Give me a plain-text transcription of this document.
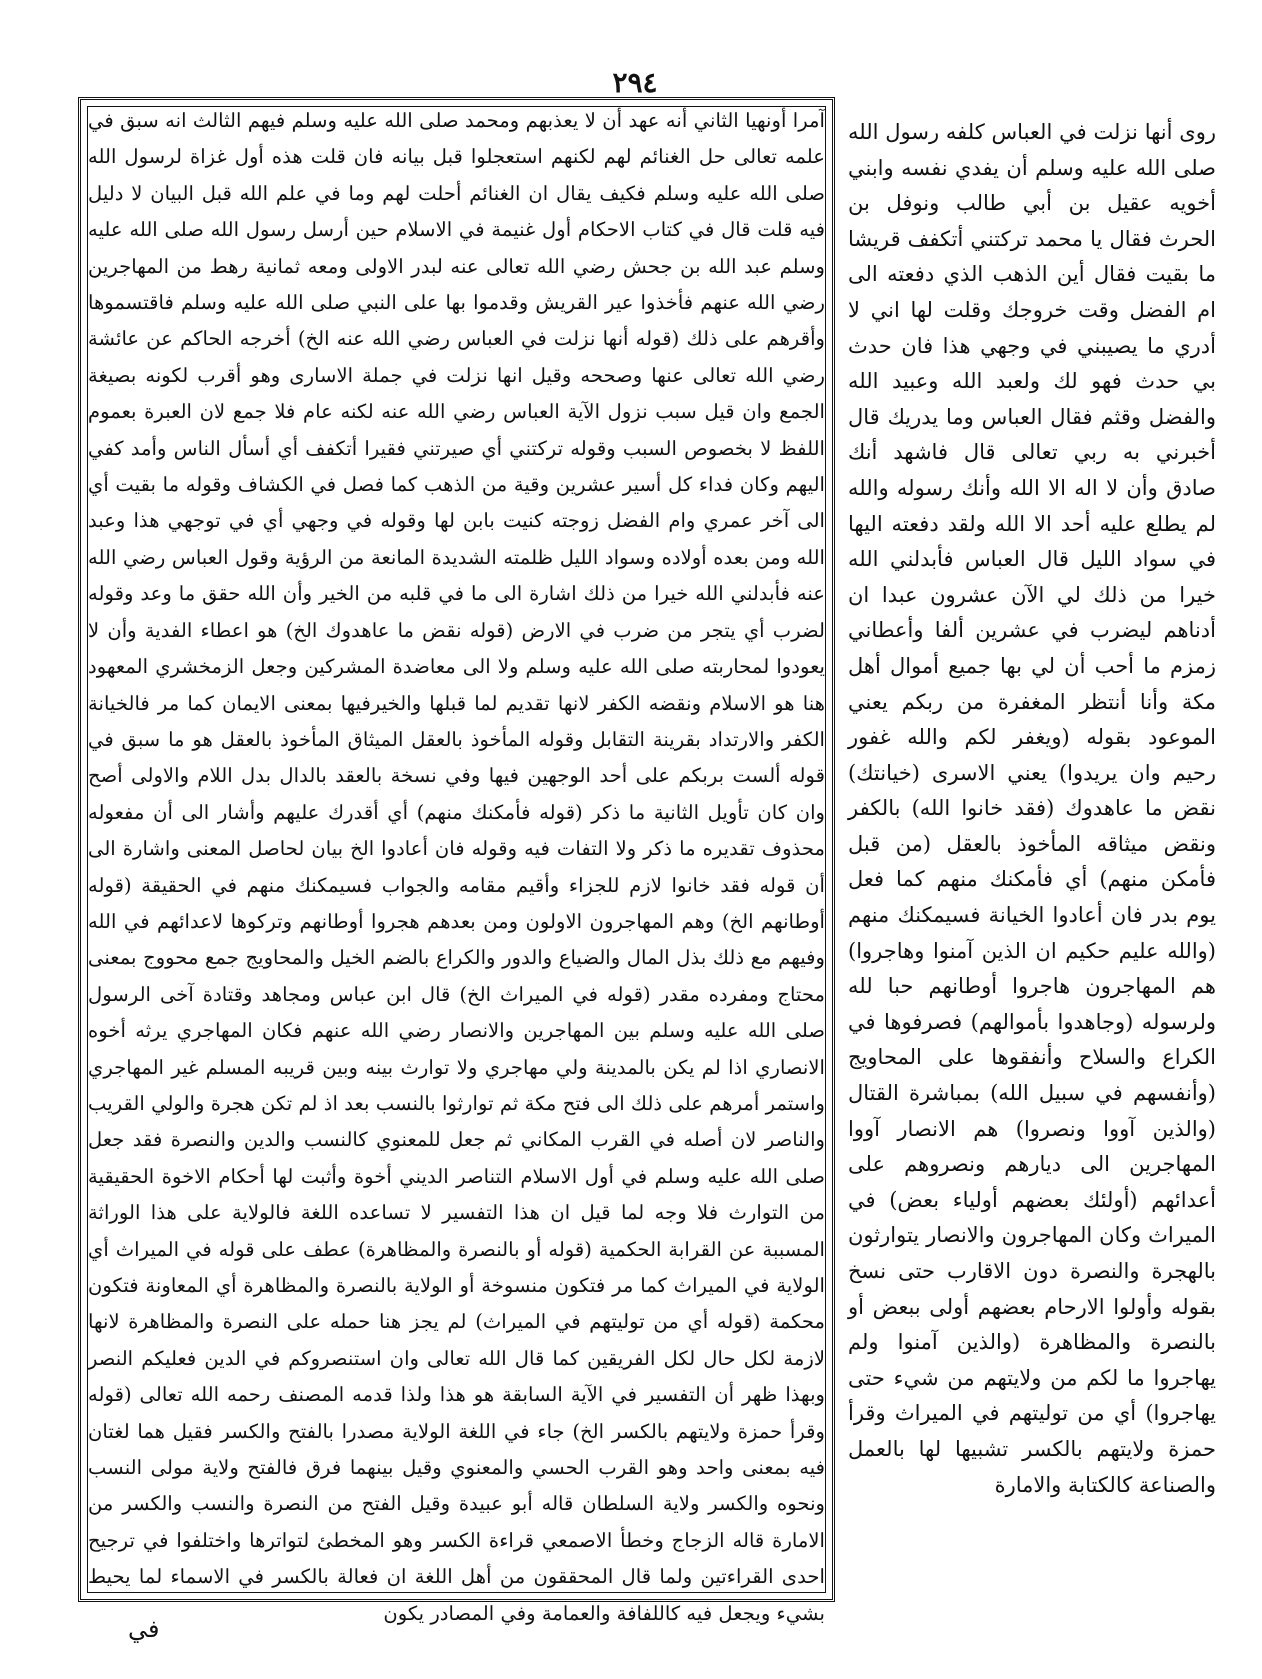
٢٩٤

آمرا أونهيا الثاني أنه عهد أن لا يعذبهم ومحمد صلى الله عليه وسلم فيهم الثالث انه سبق في علمه تعالى حل الغنائم لهم لكنهم استعجلوا قبل بيانه فان قلت هذه أول غزاة لرسول الله صلى الله عليه وسلم فكيف يقال ان الغنائم أحلت لهم وما في علم الله قبل البيان لا دليل فيه قلت قال في كتاب الاحكام أول غنيمة في الاسلام حين أرسل رسول الله صلى الله عليه وسلم عبد الله بن جحش رضي الله تعالى عنه لبدر الاولى ومعه ثمانية رهط من المهاجرين رضي الله عنهم فأخذوا عير القريش وقدموا بها على النبي صلى الله عليه وسلم فاقتسموها وأقرهم على ذلك (قوله أنها نزلت في العباس رضي الله عنه الخ) أخرجه الحاكم عن عائشة رضي الله تعالى عنها وصححه وقيل انها نزلت في جملة الاسارى وهو أقرب لكونه بصيغة الجمع وان قيل سبب نزول الآية العباس رضي الله عنه لكنه عام فلا جمع لان العبرة بعموم اللفظ لا بخصوص السبب وقوله تركتني أي صيرتني فقيرا أتكفف أي أسأل الناس وأمد كفي اليهم وكان فداء كل أسير عشرين وقية من الذهب كما فصل في الكشاف وقوله ما بقيت أي الى آخر عمري وام الفضل زوجته كنيت بابن لها وقوله في وجهي أي في توجهي هذا وعبد الله ومن بعده أولاده وسواد الليل ظلمته الشديدة المانعة من الرؤية وقول العباس رضي الله عنه فأبدلني الله خيرا من ذلك اشارة الى ما في قلبه من الخير وأن الله حقق ما وعد وقوله لضرب أي يتجر من ضرب في الارض (قوله نقض ما عاهدوك الخ) هو اعطاء الفدية وأن لا يعودوا لمحاربته صلى الله عليه وسلم ولا الى معاضدة المشركين وجعل الزمخشري المعهود هنا هو الاسلام ونقضه الكفر لانها تقديم لما قبلها والخيرفيها بمعنى الايمان كما مر فالخيانة الكفر والارتداد بقرينة التقابل وقوله المأخوذ بالعقل الميثاق المأخوذ بالعقل هو ما سبق في قوله ألست بربكم على أحد الوجهين فيها وفي نسخة بالعقد بالدال بدل اللام والاولى أصح وان كان تأويل الثانية ما ذكر (قوله فأمكنك منهم) أي أقدرك عليهم وأشار الى أن مفعوله محذوف تقديره ما ذكر ولا التفات فيه وقوله فان أعادوا الخ بيان لحاصل المعنى واشارة الى أن قوله فقد خانوا لازم للجزاء وأقيم مقامه والجواب فسيمكنك منهم في الحقيقة (قوله أوطانهم الخ) وهم المهاجرون الاولون ومن بعدهم هجروا أوطانهم وتركوها لاعدائهم في الله وفيهم مع ذلك بذل المال والضياع والدور والكراع بالضم الخيل والمحاويج جمع محووج بمعنى محتاج ومفرده مقدر (قوله في الميراث الخ) قال ابن عباس ومجاهد وقتادة آخى الرسول صلى الله عليه وسلم بين المهاجرين والانصار رضي الله عنهم فكان المهاجري يرثه أخوه الانصاري اذا لم يكن بالمدينة ولي مهاجري ولا توارث بينه وبين قريبه المسلم غير المهاجري واستمر أمرهم على ذلك الى فتح مكة ثم توارثوا بالنسب بعد اذ لم تكن هجرة والولي القريب والناصر لان أصله في القرب المكاني ثم جعل للمعنوي كالنسب والدين والنصرة فقد جعل صلى الله عليه وسلم في أول الاسلام التناصر الديني أخوة وأثبت لها أحكام الاخوة الحقيقية من التوارث فلا وجه لما قيل ان هذا التفسير لا تساعده اللغة فالولاية على هذا الوراثة المسببة عن القرابة الحكمية (قوله أو بالنصرة والمظاهرة) عطف على قوله في الميراث أي الولاية في الميراث كما مر فتكون منسوخة أو الولاية بالنصرة والمظاهرة أي المعاونة فتكون محكمة (قوله أي من توليتهم في الميراث) لم يجز هنا حمله على النصرة والمظاهرة لانها لازمة لكل حال لكل الفريقين كما قال الله تعالى وان استنصروكم في الدين فعليكم النصر وبهذا ظهر أن التفسير في الآية السابقة هو هذا ولذا قدمه المصنف رحمه الله تعالى (قوله وقرأ حمزة ولايتهم بالكسر الخ) جاء في اللغة الولاية مصدرا بالفتح والكسر فقيل هما لغتان فيه بمعنى واحد وهو القرب الحسي والمعنوي وقيل بينهما فرق فالفتح ولاية مولى النسب ونحوه والكسر ولاية السلطان قاله أبو عبيدة وقيل الفتح من النصرة والنسب والكسر من الامارة قاله الزجاج وخطأ الاصمعي قراءة الكسر وهو المخطئ لتواترها واختلفوا في ترجيح احدى القراءتين ولما قال المحققون من أهل اللغة ان فعالة بالكسر في الاسماء لما يحيط بشيء ويجعل فيه كاللفافة والعمامة وفي المصادر يكون

روى أنها نزلت في العباس كلفه رسول الله صلى الله عليه وسلم أن يفدي نفسه وابني أخويه عقيل بن أبي طالب ونوفل بن الحرث فقال يا محمد تركتني أتكفف قريشا ما بقيت فقال أين الذهب الذي دفعته الى ام الفضل وقت خروجك وقلت لها اني لا أدري ما يصيبني في وجهي هذا فان حدث بي حدث فهو لك ولعبد الله وعبيد الله والفضل وقثم فقال العباس وما يدريك قال أخبرني به ربي تعالى قال فاشهد أنك صادق وأن لا اله الا الله وأنك رسوله والله لم يطلع عليه أحد الا الله ولقد دفعته اليها في سواد الليل قال العباس فأبدلني الله خيرا من ذلك لي الآن عشرون عبدا ان أدناهم ليضرب في عشرين ألفا وأعطاني زمزم ما أحب أن لي بها جميع أموال أهل مكة وأنا أنتظر المغفرة من ربكم يعني الموعود بقوله (ويغفر لكم والله غفور رحيم وان يريدوا) يعني الاسرى (خيانتك) نقض ما عاهدوك (فقد خانوا الله) بالكفر ونقض ميثاقه المأخوذ بالعقل (من قبل فأمكن منهم) أي فأمكنك منهم كما فعل يوم بدر فان أعادوا الخيانة فسيمكنك منهم (والله عليم حكيم ان الذين آمنوا وهاجروا) هم المهاجرون هاجروا أوطانهم حبا لله ولرسوله (وجاهدوا بأموالهم) فصرفوها في الكراع والسلاح وأنفقوها على المحاويج (وأنفسهم في سبيل الله) بمباشرة القتال (والذين آووا ونصروا) هم الانصار آووا المهاجرين الى ديارهم ونصروهم على أعدائهم (أولئك بعضهم أولياء بعض) في الميراث وكان المهاجرون والانصار يتوارثون بالهجرة والنصرة دون الاقارب حتى نسخ بقوله وأولوا الارحام بعضهم أولى ببعض أو بالنصرة والمظاهرة (والذين آمنوا ولم يهاجروا ما لكم من ولايتهم من شيء حتى يهاجروا) أي من توليتهم في الميراث وقرأ حمزة ولايتهم بالكسر تشبيها لها بالعمل والصناعة كالكتابة والامارة

في
